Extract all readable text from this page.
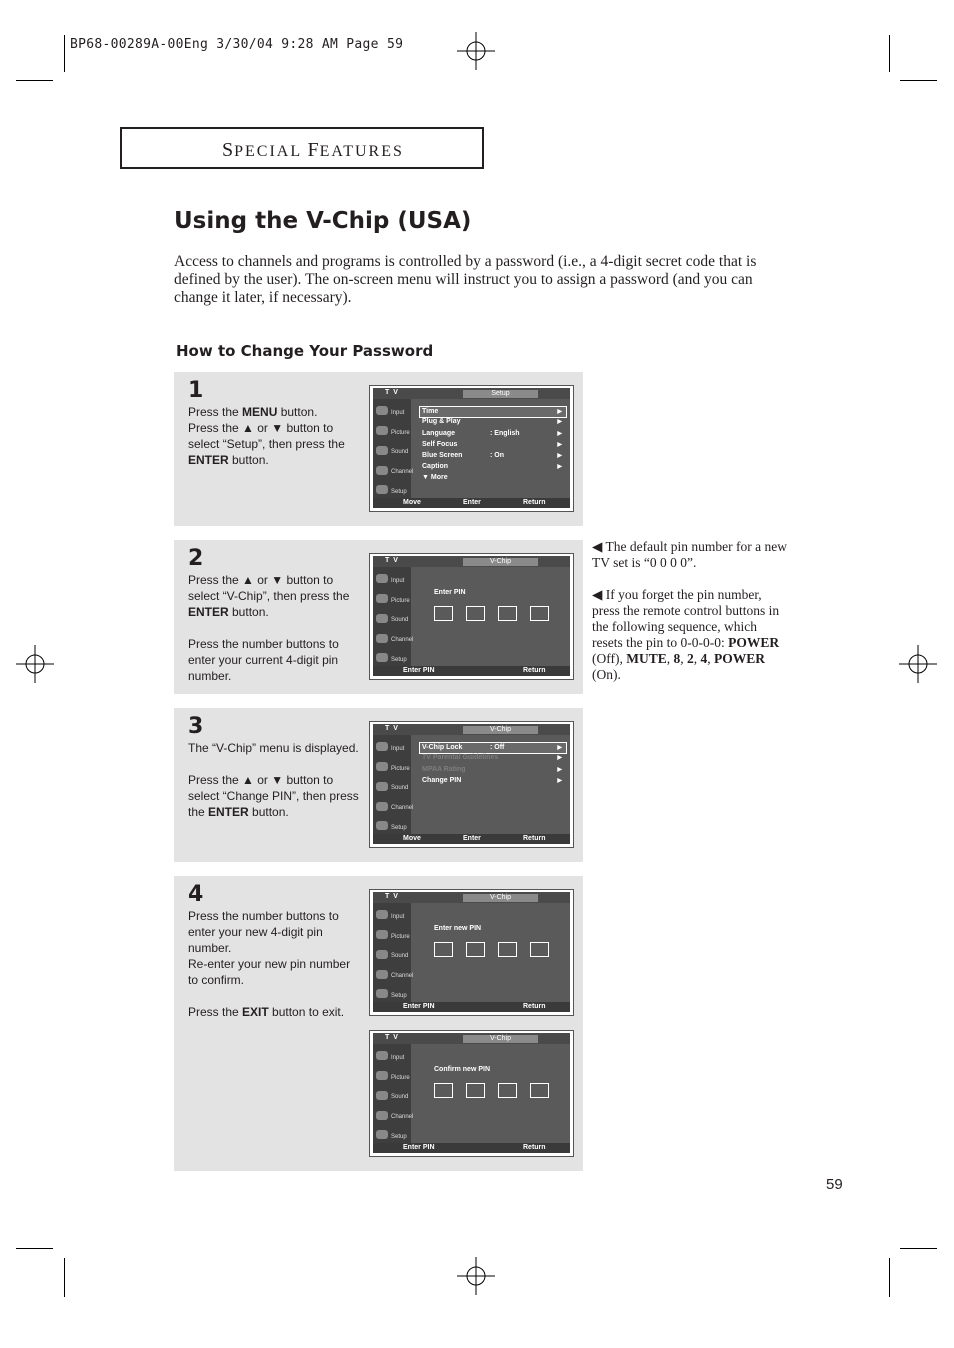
BP68-00289A-00Eng 3/30/04 9:28 AM Page 59
SPECIAL FEATURES
Using the V-Chip (USA)
Access to channels and programs is controlled by a password (i.e., a 4-digit secret code that is defined by the user). The on-screen menu will instruct you to assign a password (and you can change it later, if necessary).
How to Change Your Password
1
Press the MENU button.
Press the ▲ or ▼ button to select “Setup”, then press the ENTER button.
T V	Setup
Input
Picture
Sound
Channel
Setup
Time	▶
Plug & Play	▶
Language	: English	▶
Self Focus	▶
Blue Screen	: On	▶
Caption	▶
▼ More
Move	Enter	Return
2

Press the ▲ or ▼ button to select “V-Chip”, then press the ENTER button.

Press the number buttons to enter your current 4-digit pin number.

T V	V-Chip
Input
Picture
Sound
Channel
Setup
Enter PIN
Enter PIN	Return
3

The “V-Chip” menu is displayed.

Press the ▲ or ▼ button to select “Change PIN”, then press the ENTER button.

T V	V-Chip
Input
Picture
Sound
Channel
Setup
V-Chip Lock	: Off	▶
TV Parental Guidelines	▶
MPAA Rating	▶
Change PIN	▶
Move	Enter	Return
4
Press the number buttons to enter your new 4-digit pin number.

Re-enter your new pin number to confirm.

Press the EXIT button to exit.

T V	V-Chip
Input
Picture
Sound
Channel
Setup
Enter new PIN
Enter PIN	Return
T V	V-Chip
Input
Picture
Sound
Channel
Setup
Confirm new PIN
Enter PIN	Return

◀ The default pin number for a new TV set is “0 0 0 0”.

◀ If you forget the pin number, press the remote control buttons in the following sequence, which resets the pin to 0-0-0-0: POWER (Off), MUTE, 8, 2, 4, POWER (On).
59
